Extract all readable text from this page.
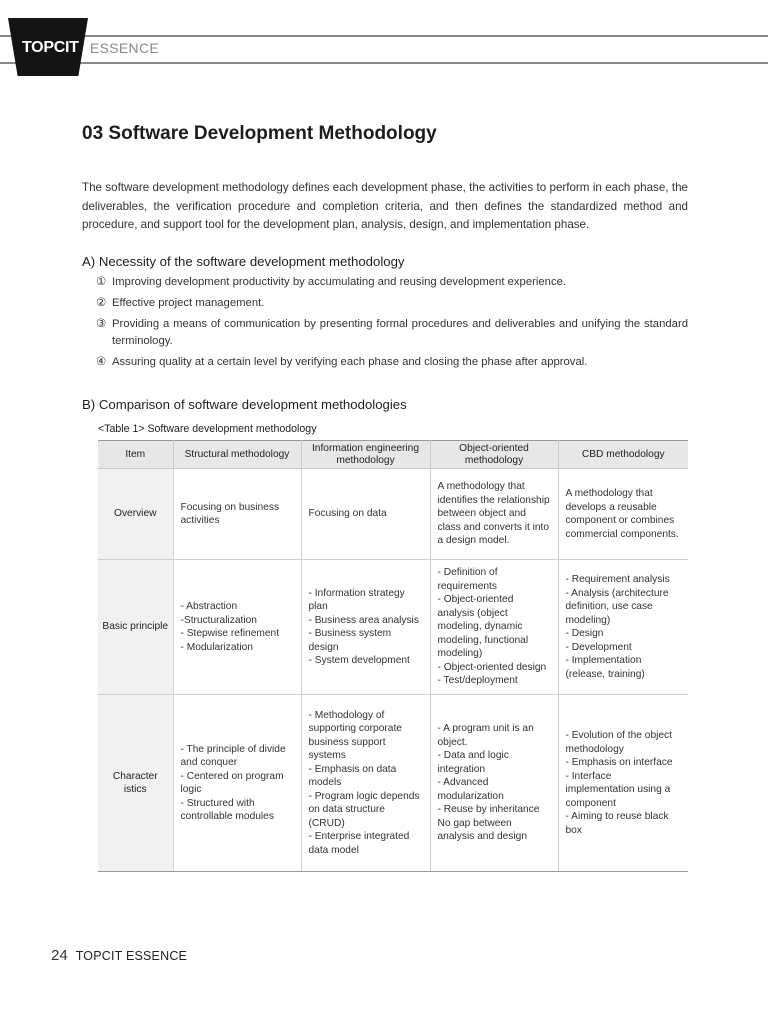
TOPCIT ESSENCE
03 Software Development Methodology
The software development methodology defines each development phase, the activities to perform in each phase, the deliverables, the verification procedure and completion criteria, and then defines the standardized method and procedure, and support tool for the development plan, analysis, design, and implementation phase.
A) Necessity of the software development methodology
① Improving development productivity by accumulating and reusing development experience.
② Effective project management.
③ Providing a means of communication by presenting formal procedures and deliverables and unifying the standard terminology.
④ Assuring quality at a certain level by verifying each phase and closing the phase after approval.
B) Comparison of software development methodologies
<Table 1> Software development methodology
Item	Structural methodology	Information engineering methodology	Object-oriented methodology	CBD methodology
Overview	Focusing on business activities	Focusing on data	A methodology that identifies the relationship between object and class and converts it into a design model.	A methodology that develops a reusable component or combines commercial components.
Basic principle	- Abstraction
-Structuralization
- Stepwise refinement
- Modularization	- Information strategy plan
- Business area analysis
- Business system design
- System development	- Definition of requirements
- Object-oriented analysis (object modeling, dynamic modeling, functional modeling)
- Object-oriented design
- Test/deployment	- Requirement analysis
- Analysis (architecture definition, use case modeling)
- Design
- Development
- Implementation (release, training)
Character istics	- The principle of divide and conquer
- Centered on program logic
- Structured with controllable modules	- Methodology of supporting corporate business support systems
- Emphasis on data models
- Program logic depends on data structure (CRUD)
- Enterprise integrated data model	- A program unit is an object.
- Data and logic integration
- Advanced modularization
- Reuse by inheritance
No gap between analysis and design	- Evolution of the object methodology
- Emphasis on interface
- Interface implementation using a component
- Aiming to reuse black box
24 TOPCIT ESSENCE
